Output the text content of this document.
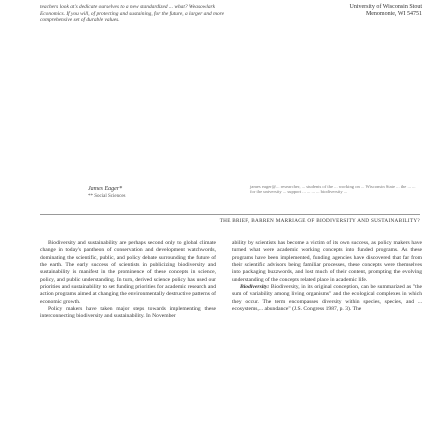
teachers look at's dedicate ourselves to a new standardized ... what? Weasowlark Economics. If you will, of protecting and sustaining, for the future, a larger and more comprehensive set of durable values.
James Eager*
** Social Sciences
University of Wisconsin Stout
Menomonie, WI 54751
james eager@... researcher, ... students of the ... working on ... Wisconsin State ... the ... ... for the university ... support ... ... ... ... biodiversity ...
THE BRIEF, BARREN MARRIAGE OF BIODIVERSITY AND SUSTAINABILITY?

Biodiversity and sustainability are perhaps second only to global climate change in today's pantheon of conservation and development watchwords, dominating the scientific, public, and policy debate surrounding the future of the earth. The early success of scientists in publicizing biodiversity and sustainability is manifest in the prominence of these concepts in science, policy, and public understanding. In turn, derived science policy has used our priorities and sustainability to set funding priorities for academic research and action programs aimed at changing the environmentally destructive patterns of economic growth.

Policy makers have taken major steps towards implementing these interconnecting biodiversity and sustainability. In November

ability by scientists has become a victim of its own success, as policy makers have turned what were academic working concepts into funded programs. As these programs have been implemented, funding agencies have discovered that far from their scientific advisors being familiar processes, these concepts were themselves into packaging buzzwords, and lost much of their content, prompting the evolving understanding of the concepts related place in academic life.

Biodiversity: Biodiversity, in its original conception, can be summarized as "the sum of variability among living organisms" and the ecological complexes in which they occur. The term encompasses diversity within species, species, and ... ecosystems,... abundance" (J.S. Congress 1987, p. 3). The
